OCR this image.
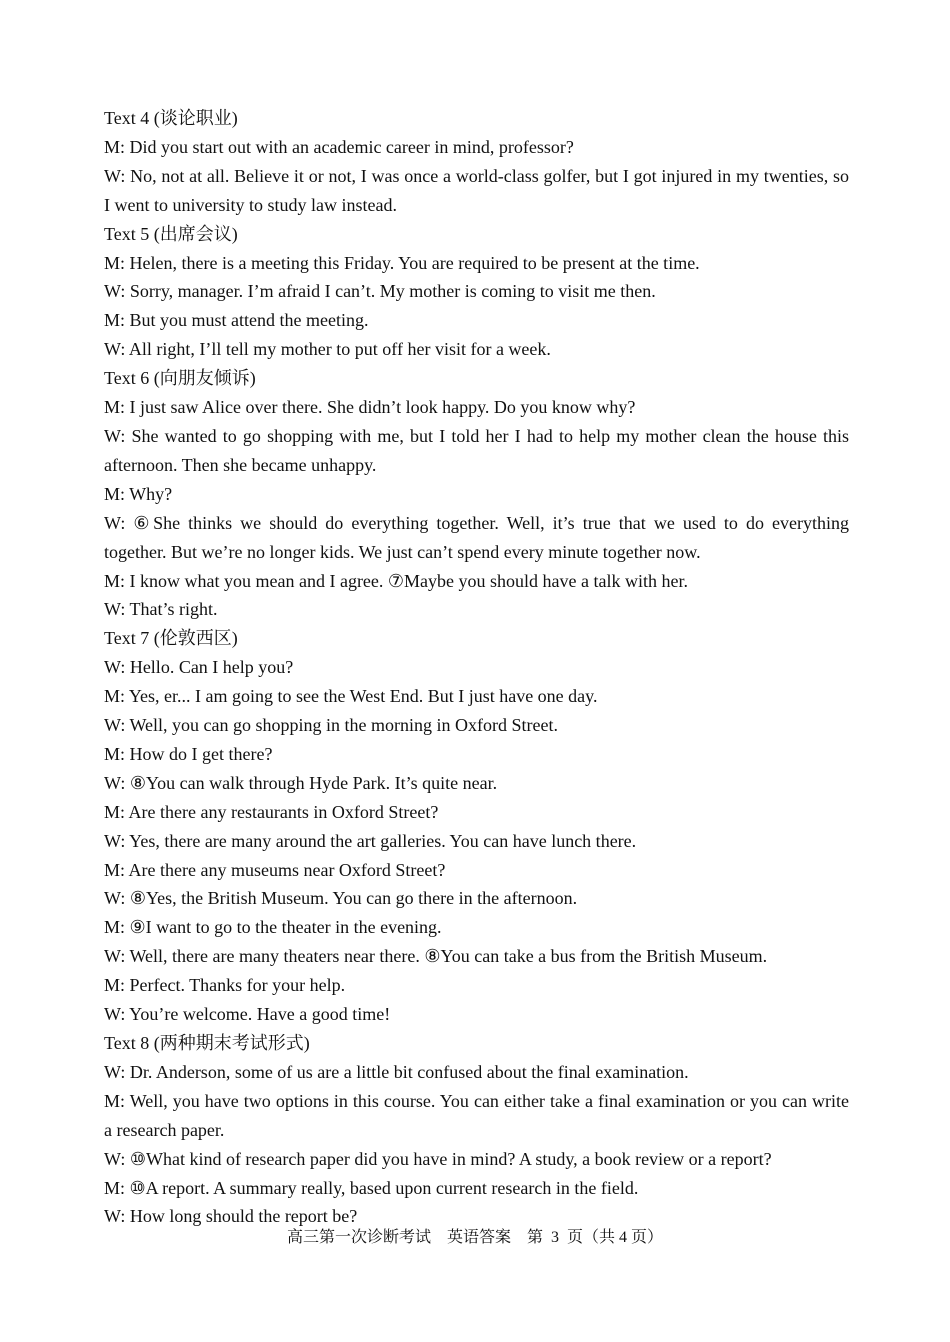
Text 4 (谈论职业)
M: Did you start out with an academic career in mind, professor?
W: No, not at all. Believe it or not, I was once a world-class golfer, but I got injured in my twenties, so I went to university to study law instead.
Text 5 (出席会议)
M: Helen, there is a meeting this Friday. You are required to be present at the time.
W: Sorry, manager. I’m afraid I can’t. My mother is coming to visit me then.
M: But you must attend the meeting.
W: All right, I’ll tell my mother to put off her visit for a week.
Text 6 (向朋友倾诉)
M: I just saw Alice over there. She didn’t look happy. Do you know why?
W: She wanted to go shopping with me, but I told her I had to help my mother clean the house this afternoon. Then she became unhappy.
M: Why?
W: ⑥She thinks we should do everything together. Well, it’s true that we used to do everything together. But we’re no longer kids. We just can’t spend every minute together now.
M: I know what you mean and I agree. ⑦Maybe you should have a talk with her.
W: That’s right.
Text 7 (伦敦西区)
W: Hello. Can I help you?
M: Yes, er... I am going to see the West End. But I just have one day.
W: Well, you can go shopping in the morning in Oxford Street.
M: How do I get there?
W: ⑧You can walk through Hyde Park. It’s quite near.
M: Are there any restaurants in Oxford Street?
W: Yes, there are many around the art galleries. You can have lunch there.
M: Are there any museums near Oxford Street?
W: ⑧Yes, the British Museum. You can go there in the afternoon.
M: ⑨I want to go to the theater in the evening.
W: Well, there are many theaters near there. ⑧You can take a bus from the British Museum.
M: Perfect. Thanks for your help.
W: You’re welcome. Have a good time!
Text 8 (两种期末考试形式)
W: Dr. Anderson, some of us are a little bit confused about the final examination.
M: Well, you have two options in this course. You can either take a final examination or you can write a research paper.
W: ⑩What kind of research paper did you have in mind? A study, a book review or a report?
M: ⑩A report. A summary really, based upon current research in the field.
W: How long should the report be?
高三第一次诊断考试    英语答案    第  3  页（共 4 页）
